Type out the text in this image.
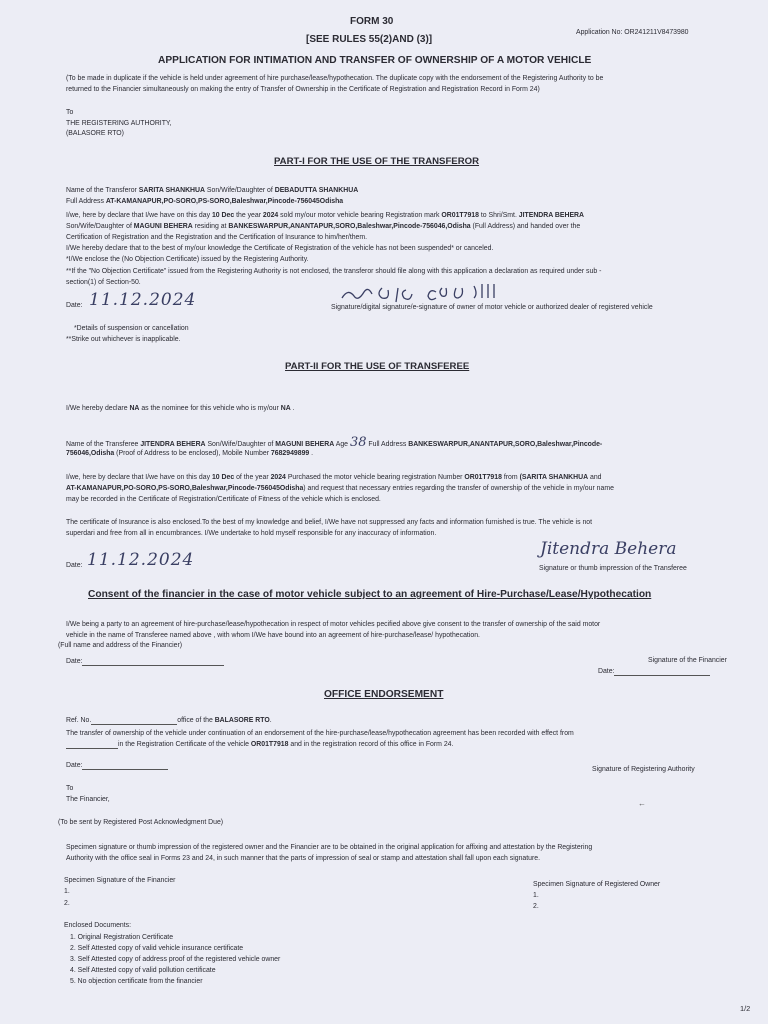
FORM 30
[SEE RULES 55(2)AND (3)]
Application No: OR241211V8473980
APPLICATION FOR INTIMATION AND TRANSFER OF OWNERSHIP OF A MOTOR VEHICLE
(To be made in duplicate if the vehicle is held under agreement of hire purchase/lease/hypothecation. The duplicate copy with the endorsement of the Registering Authority to be
returned to the Financier simultaneously on making the entry of Transfer of Ownership in the Certificate of Registration and Registration Record in Form 24)
To
THE REGISTERING AUTHORITY,
(BALASORE RTO)
PART-I FOR THE USE OF THE TRANSFEROR
Name of the Transferor SARITA SHANKHUA Son/Wife/Daughter of DEBADUTTA SHANKHUA
Full Address AT-KAMANAPUR,PO-SORO,PS-SORO,Baleshwar,Pincode-756045Odisha
I/we, here by declare that I/we have on this day 10 Dec the year 2024 sold my/our motor vehicle bearing Registration mark OR01T7918 to Shri/Smt. JITENDRA BEHERA
Son/Wife/Daughter of MAGUNI BEHERA residing at BANKESWARPUR,ANANTAPUR,SORO,Baleshwar,Pincode-756046,Odisha (Full Address) and handed over the
Certification of Registration and the Registration and the Certification of Insurance to him/her/them.
I/We hereby declare that to the best of my/our knowledge the Certificate of Registration of the vehicle has not been suspended* or canceled.
*I/We enclose the (No Objection Certificate) issued by the Registering Authority.
**If the "No Objection Certificate" issued from the Registering Authority is not enclosed, the transferor should file along with this application a declaration as required under sub -
section(1) of Section-50.
Date: 11.12.2024	Signature/digital signature/e-signature of owner of motor vehicle or authorized dealer of registered vehicle
*Details of suspension or cancellation
**Strike out whichever is inapplicable.
PART-II FOR THE USE OF TRANSFEREE
I/We hereby declare NA as the nominee for this vehicle who is my/our NA .
Name of the Transferee JITENDRA BEHERA Son/Wife/Daughter of MAGUNI BEHERA Age 38 Full Address BANKESWARPUR,ANANTAPUR,SORO,Baleshwar,Pincode-
756046,Odisha (Proof of Address to be enclosed), Mobile Number 7682949899 .
I/we, here by declare that I/we have on this day 10 Dec of the year 2024 Purchased the motor vehicle bearing registration Number OR01T7918 from (SARITA SHANKHUA and
AT-KAMANAPUR,PO-SORO,PS-SORO,Baleshwar,Pincode-756045Odisha) and request that necessary entries regarding the transfer of ownership of the vehicle in my/our name
may be recorded in the Certificate of Registration/Certificate of Fitness of the vehicle which is enclosed.
The certificate of Insurance is also enclosed.To the best of my knowledge and belief, I/We have not suppressed any facts and information furnished is true. The vehicle is not
superdari and free from all in encumbrances. I/We undertake to hold myself responsible for any inaccuracy of information.
Date: 11.12.2024
Jitendra Behera
Signature or thumb impression of the Transferee
Consent of the financier in the case of motor vehicle subject to an agreement of Hire-Purchase/Lease/Hypothecation
I/We being a party to an agreement of hire-purchase/lease/hypothecation in respect of motor vehicles pecified above give consent to the transfer of ownership of the said motor
vehicle in the name of Transferee named above , with whom I/We have bound into an agreement of hire-purchase/lease/ hypothecation.
(Full name and address of the Financier)
Date:	Signature of the Financier
Date:
OFFICE ENDORSEMENT
Ref. No.	office of the BALASORE RTO.
The transfer of ownership of the vehicle under continuation of an endorsement of the hire-purchase/lease/hypothecation agreement has been recorded with effect from
in the Registration Certificate of the vehicle OR01T7918 and in the registration record of this office in Form 24.
Date:
Signature of Registering Authority
To
The Financier,	←
(To be sent by Registered Post Acknowledgment Due)
Specimen signature or thumb impression of the registered owner and the Financier are to be obtained in the original application for affixing and attestation by the Registering
Authority with the office seal in Forms 23 and 24, in such manner that the parts of impression of seal or stamp and attestation shall fall upon each signature.
Specimen Signature of the Financier
1.
2.
Specimen Signature of Registered Owner
1.
2.
Enclosed Documents:
1. Original Registration Certificate
2. Self Attested copy of valid vehicle insurance certificate
3. Self Attested copy of address proof of the registered vehicle owner
4. Self Attested copy of valid pollution certificate
5. No objection certificate from the financier
1/2
